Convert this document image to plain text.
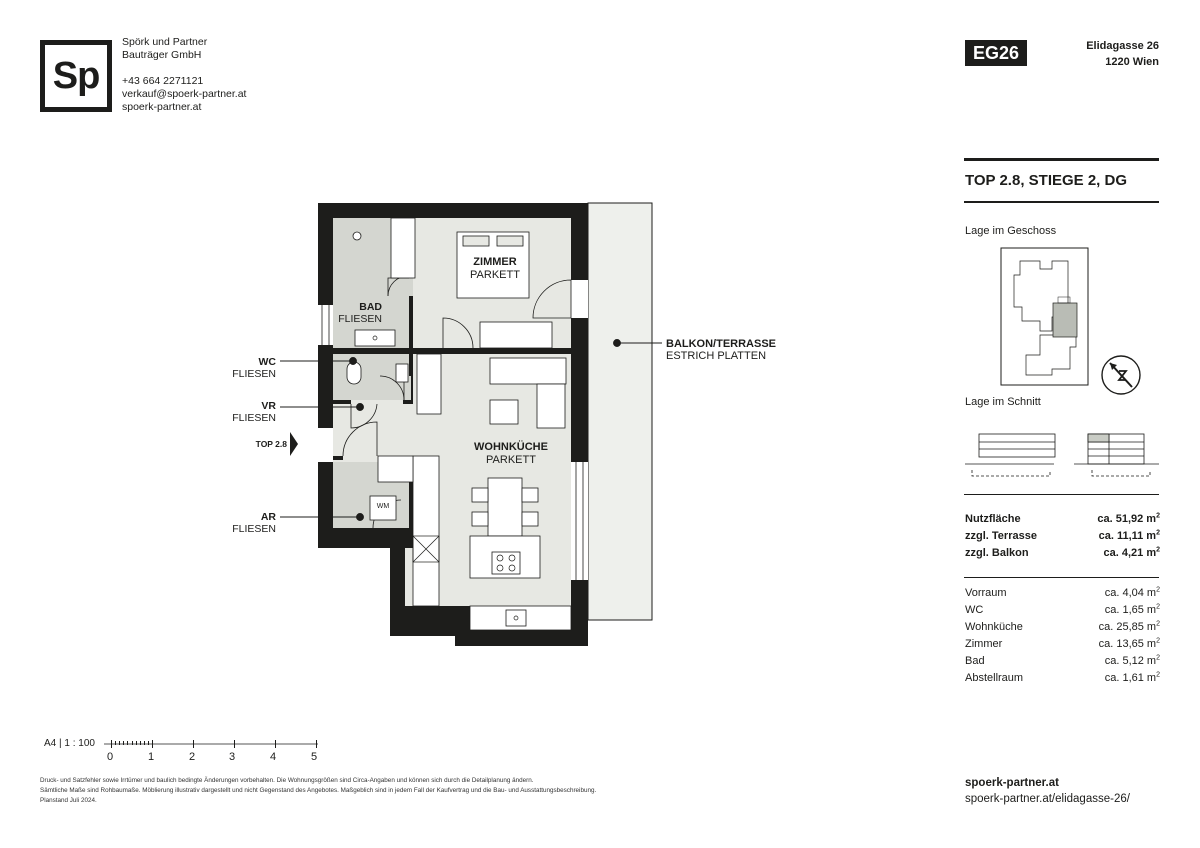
Sp
Spörk und Partner
Bauträger GmbH
+43 664 2271121
verkauf@spoerk-partner.at
spoerk-partner.at
EG26	Elidagasse 26
1220 Wien
TOP 2.8, STIEGE 2, DG
Lage im Geschoss
Lage im Schnitt
Nutzfläche	ca. 51,92 $m^2$
zzgl. Terrasse	ca. 11,11 $m^2$
zzgl. Balkon	ca. 4,21 $m^2$
Vorraum	ca. 4,04 $m^2$
WC	ca. 1,65 $m^2$
Wohnküche	ca. 25,85 $m^2$
Zimmer	ca. 13,65 $m^2$
Bad	ca. 5,12 $m^2$
Abstellraum	ca. 1,61 $m^2$
BAD
FLIESEN
ZIMMER
PARKETT
WOHNKÜCHE
PARKETT
BALKON/TERRASSE
ESTRICH PLATTEN
WC
FLIESEN
VR
FLIESEN
AR
FLIESEN
TOP 2.8
WM
A4 | 1 : 100
0	1	2	3	4	5
Druck- und Satzfehler sowie Irrtümer und baulich bedingte Änderungen vorbehalten. Die Wohnungsgrößen sind Circa-Angaben und können sich durch die Detailplanung ändern.
Sämtliche Maße sind Rohbaumaße. Möblierung illustrativ dargestellt und nicht Gegenstand des Angebotes. Maßgeblich sind in jedem Fall der Kaufvertrag und die Bau- und Ausstattungsbeschreibung.
Planstand Juli 2024.
spoerk-partner.at
spoerk-partner.at/elidagasse-26/
